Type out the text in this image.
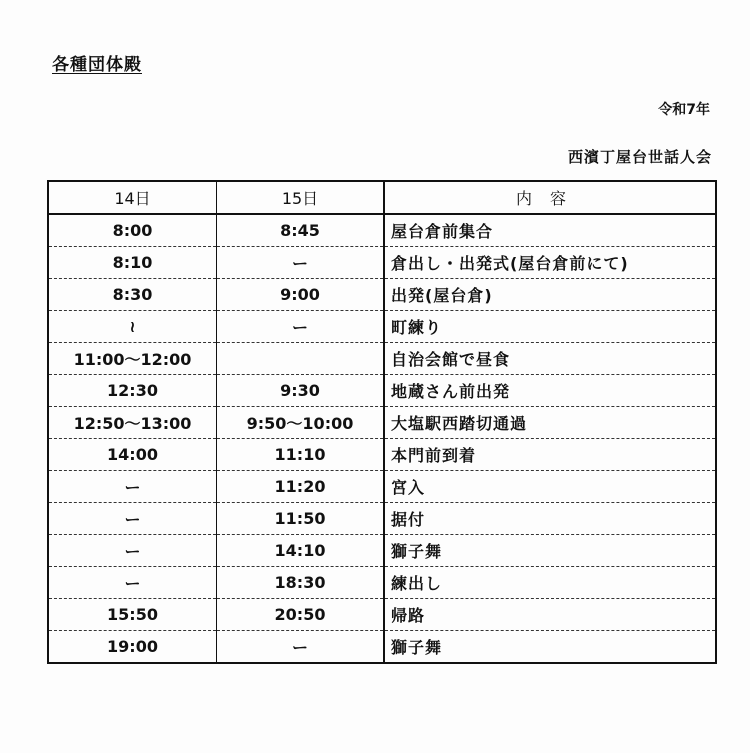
各種団体殿
令和7年
西濱丁屋台世話人会
14日	15日	内容
8:00	8:45	屋台倉前集合
8:10	ー	倉出し・出発式(屋台倉前にて)
8:30	9:00	出発(屋台倉)
≀	ー	町練り
11:00〜12:00		自治会館で昼食
12:30	9:30	地蔵さん前出発
12:50〜13:00	9:50〜10:00	大塩駅西踏切通過
14:00	11:10	本門前到着
ー	11:20	宮入
ー	11:50	据付
ー	14:10	獅子舞
ー	18:30	練出し
15:50	20:50	帰路
19:00	ー	獅子舞
